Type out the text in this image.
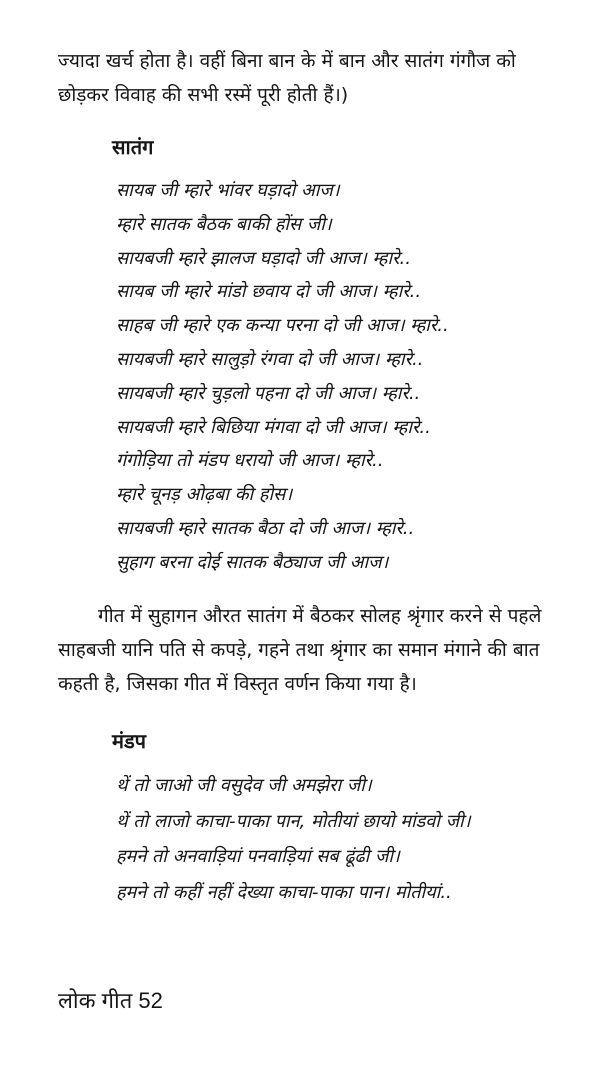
ज्यादा खर्च होता है। वहीं बिना बान के में बान और सातंग गंगौज को
छोड़कर विवाह की सभी रस्में पूरी होती हैं।)

सातंग
सायब जी म्हारे भांवर घड़ादो आज।
म्हारे सातक बैठक बाकी होंस जी।
सायबजी म्हारे झालज घड़ादो जी आज। म्हारे..
सायब जी म्हारे मांडो छवाय दो जी आज। म्हारे..
साहब जी म्हारे एक कन्या परना दो जी आज। म्हारे..
सायबजी म्हारे सालुड़ो रंगवा दो जी आज। म्हारे..
सायबजी म्हारे चुड़लो पहना दो जी आज। म्हारे..
सायबजी म्हारे बिछिया मंगवा दो जी आज। म्हारे..
गंगोड़िया तो मंडप धरायो जी आज। म्हारे..
म्हारे चूनड़ ओढ़बा की होस।
सायबजी म्हारे सातक बैठा दो जी आज। म्हारे..
सुहाग बरना दोई सातक बैठ्याज जी आज।

गीत में सुहागन औरत सातंग में बैठकर सोलह श्रृंगार करने से पहले
साहबजी यानि पति से कपड़े, गहने तथा श्रृंगार का समान मंगाने की बात
कहती है, जिसका गीत में विस्तृत वर्णन किया गया है।

मंडप
थें तो जाओ जी वसुदेव जी अमझेरा जी।
थें तो लाजो काचा-पाका पान, मोतीयां छायो मांडवो जी।
हमने तो अनवाड़ियां पनवाड़ियां सब ढूंढी जी।
हमने तो कहीं नहीं देख्या काचा-पाका पान। मोतीयां..

लोक गीत 52
